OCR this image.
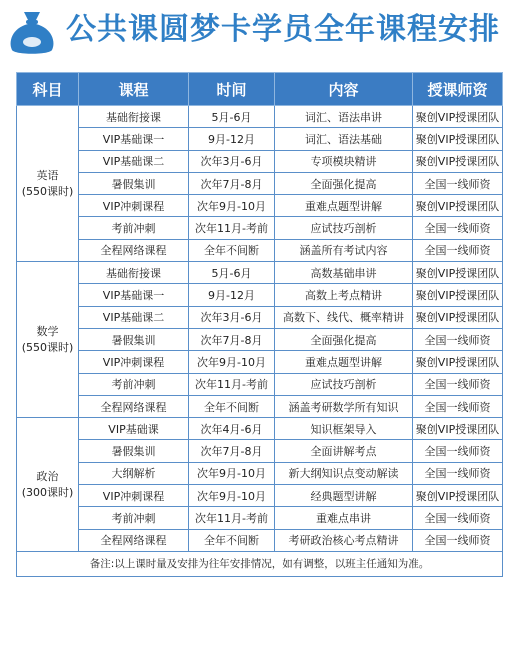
公共课圆梦卡学员全年课程安排
科目	课程	时间	内容	授课师资

英语
(550课时)	基础衔接课	5月-6月	词汇、语法串讲	聚创VIP授课团队
	VIP基础课一	9月-12月	词汇、语法基础	聚创VIP授课团队
	VIP基础课二	次年3月-6月	专项模块精讲	聚创VIP授课团队
	暑假集训	次年7月-8月	全面强化提高	全国一线师资
	VIP冲刺课程	次年9月-10月	重难点题型讲解	聚创VIP授课团队
	考前冲刺	次年11月-考前	应试技巧剖析	全国一线师资
	全程网络课程	全年不间断	涵盖所有考试内容	全国一线师资

数学
(550课时)	基础衔接课	5月-6月	高数基础串讲	聚创VIP授课团队
	VIP基础课一	9月-12月	高数上考点精讲	聚创VIP授课团队
	VIP基础课二	次年3月-6月	高数下、线代、概率精讲	聚创VIP授课团队
	暑假集训	次年7月-8月	全面强化提高	全国一线师资
	VIP冲刺课程	次年9月-10月	重难点题型讲解	聚创VIP授课团队
	考前冲刺	次年11月-考前	应试技巧剖析	全国一线师资
	全程网络课程	全年不间断	涵盖考研数学所有知识	全国一线师资

政治
(300课时)	VIP基础课	次年4月-6月	知识框架导入	聚创VIP授课团队
	暑假集训	次年7月-8月	全面讲解考点	全国一线师资
	大纲解析	次年9月-10月	新大纲知识点变动解读	全国一线师资
	VIP冲刺课程	次年9月-10月	经典题型讲解	聚创VIP授课团队
	考前冲刺	次年11月-考前	重难点串讲	全国一线师资
	全程网络课程	全年不间断	考研政治核心考点精讲	全国一线师资
备注:以上课时量及安排为往年安排情况，如有调整，以班主任通知为准。				
